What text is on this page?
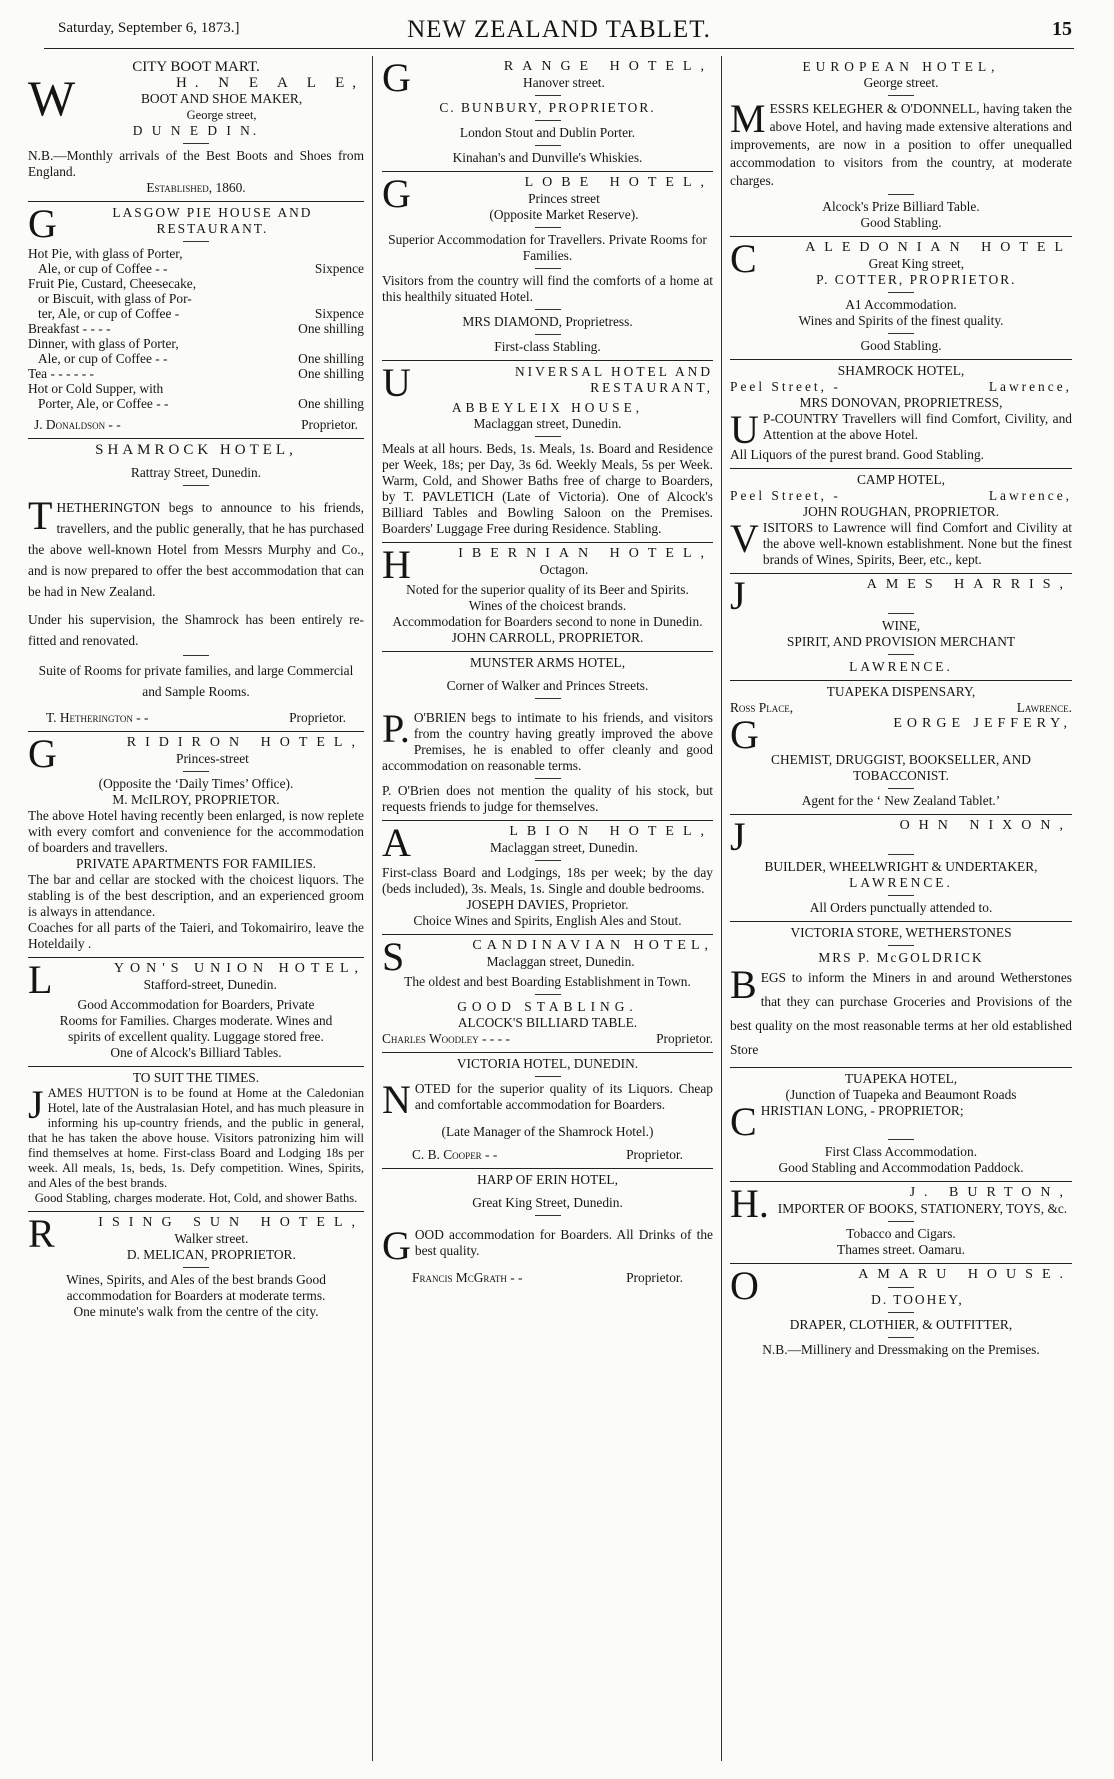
Saturday, September 6, 1873.]	NEW ZEALAND TABLET.	15

CITY BOOT MART.

W	H. N E A L E,

BOOT AND SHOE MAKER,

George street,

D U N E D I N.

N.B.—Monthly arrivals of the Best Boots and Shoes from England.

Established, 1860.

G	LASGOW PIE HOUSE AND RESTAURANT.

Hot Pie, with glass of Porter,
Ale, or cup of Coffee - -	Sixpence
Fruit Pie, Custard, Cheesecake,
or Biscuit, with glass of Por-
ter, Ale, or cup of Coffee -	Sixpence
Breakfast - - - -	One shilling
Dinner, with glass of Porter,
Ale, or cup of Coffee - -	One shilling
Tea - - - - - -	One shilling
Hot or Cold Supper, with
Porter, Ale, or Coffee - -	One shilling
J. Donaldson - -	Proprietor.

SHAMROCK HOTEL,

Rattray Street, Dunedin.

T HETHERINGTON begs to announce to his friends, travellers, and the public generally, that he has purchased the above well-known Hotel from Messrs Murphy and Co., and is now prepared to offer the best accommodation that can be had in New Zealand.

Under his supervision, the Shamrock has been entirely re-fitted and renovated.

Suite of Rooms for private families, and large Commercial and Sample Rooms.

T. Hetherington - -	Proprietor.
G	RIDIRON HOTEL,

Princes-street

(Opposite the ‘Daily Times’ Office).

M. McILROY, PROPRIETOR.

The above Hotel having recently been enlarged, is now replete with every comfort and convenience for the accommodation of boarders and travellers.

PRIVATE APARTMENTS FOR FAMILIES.

The bar and cellar are stocked with the choicest liquors. The stabling is of the best description, and an experienced groom is always in attendance.

Coaches for all parts of the Taieri, and Tokomairiro, leave the Hoteldaily .

L	YON'S UNION HOTEL,

Stafford-street, Dunedin.

Good Accommodation for Boarders, Private Rooms for Families. Charges moderate. Wines and spirits of excellent quality. Luggage stored free. One of Alcock's Billiard Tables.

TO SUIT THE TIMES.

J AMES HUTTON is to be found at Home at the Caledonian Hotel, late of the Australasian Hotel, and has much pleasure in informing his up-country friends, and the public in general, that he has taken the above house. Visitors patronizing him will find themselves at home. First-class Board and Lodging 18s per week. All meals, 1s, beds, 1s. Defy competition. Wines, Spirits, and Ales of the best brands.

Good Stabling, charges moderate. Hot, Cold, and shower Baths.

R	ISING SUN HOTEL,

Walker street.

D. MELICAN, PROPRIETOR.

Wines, Spirits, and Ales of the best brands Good accommodation for Boarders at moderate terms.

One minute's walk from the centre of the city.

G	RANGE HOTEL,

Hanover street.

C. BUNBURY, PROPRIETOR.

London Stout and Dublin Porter.

Kinahan's and Dunville's Whiskies.

G	LOBE HOTEL,

Princes street

(Opposite Market Reserve).

Superior Accommodation for Travellers. Private Rooms for Families.

Visitors from the country will find the comforts of a home at this healthily situated Hotel.

MRS DIAMOND, Proprietress.

First-class Stabling.

U	NIVERSAL HOTEL AND RESTAURANT,

ABBEYLEIX HOUSE,

Maclaggan street, Dunedin.

Meals at all hours. Beds, 1s. Meals, 1s. Board and Residence per Week, 18s; per Day, 3s 6d. Weekly Meals, 5s per Week. Warm, Cold, and Shower Baths free of charge to Boarders, by T. PAVLETICH (Late of Victoria). One of Alcock's Billiard Tables and Bowling Saloon on the Premises. Boarders' Luggage Free during Residence. Stabling.

H	IBERNIAN HOTEL,

Octagon.

Noted for the superior quality of its Beer and Spirits.

Wines of the choicest brands.

Accommodation for Boarders second to none in Dunedin.

JOHN CARROLL, PROPRIETOR.

MUNSTER ARMS HOTEL,

Corner of Walker and Princes Streets.

P. O'BRIEN begs to intimate to his friends, and visitors from the country having greatly improved the above Premises, he is enabled to offer cleanly and good accommodation on reasonable terms.

P. O'Brien does not mention the quality of his stock, but requests friends to judge for themselves.

A	LBION HOTEL,

Maclaggan street, Dunedin.

First-class Board and Lodgings, 18s per week; by the day (beds included), 3s. Meals, 1s. Single and double bedrooms.

JOSEPH DAVIES, Proprietor.

Choice Wines and Spirits, English Ales and Stout.

S	CANDINAVIAN HOTEL,

Maclaggan street, Dunedin.

The oldest and best Boarding Establishment in Town.

GOOD STABLING.

ALCOCK'S BILLIARD TABLE.

Charles Woodley - - - -	Proprietor.

VICTORIA HOTEL, DUNEDIN.

N OTED for the superior quality of its Liquors. Cheap and comfortable accommodation for Boarders.

(Late Manager of the Shamrock Hotel.)

C. B. Cooper - -	Proprietor.

HARP OF ERIN HOTEL,

Great King Street, Dunedin.

G OOD accommodation for Boarders. All Drinks of the best quality.

Francis McGrath - -	Proprietor.

EUROPEAN HOTEL,

George street.

M ESSRS KELEGHER & O'DONNELL, having taken the above Hotel, and having made extensive alterations and improvements, are now in a position to offer unequalled accommodation to visitors from the country, at moderate charges.

Alcock's Prize Billiard Table.

Good Stabling.

C	ALEDONIAN HOTEL

Great King street,

P. COTTER, PROPRIETOR.

A1 Accommodation.

Wines and Spirits of the finest quality.

Good Stabling.

SHAMROCK HOTEL,

Peel Street, -	Lawrence,

MRS DONOVAN, PROPRIETRESS,

U P-COUNTRY Travellers will find Comfort, Civility, and Attention at the above Hotel.

All Liquors of the purest brand. Good Stabling.

CAMP HOTEL,

Peel Street, -	Lawrence,

JOHN ROUGHAN, PROPRIETOR.

V ISITORS to Lawrence will find Comfort and Civility at the above well-known establishment. None but the finest brands of Wines, Spirits, Beer, etc., kept.

J	AMES HARRIS,

WINE,

SPIRIT, AND PROVISION MERCHANT

LAWRENCE.

TUAPEKA DISPENSARY,

Ross Place,	Lawrence.
G	EORGE JEFFERY,

CHEMIST, DRUGGIST, BOOKSELLER, AND TOBACCONIST.

Agent for the ‘ New Zealand Tablet.’

J	OHN NIXON,

BUILDER, WHEELWRIGHT & UNDERTAKER,

LAWRENCE.

All Orders punctually attended to.

VICTORIA STORE, WETHERSTONES

MRS P. McGOLDRICK

B EGS to inform the Miners in and around Wetherstones that they can purchase Groceries and Provisions of the best quality on the most reasonable terms at her old established Store

TUAPEKA HOTEL,

(Junction of Tuapeka and Beaumont Roads

C HRISTIAN LONG, - PROPRIETOR;

First Class Accommodation.

Good Stabling and Accommodation Paddock.

H.	J. BURTON,

IMPORTER OF BOOKS, STATIONERY, TOYS, &c.

Tobacco and Cigars.

Thames street. Oamaru.

O	AMARU HOUSE.

D. TOOHEY,

DRAPER, CLOTHIER, & OUTFITTER,

N.B.—Millinery and Dressmaking on the Premises.
